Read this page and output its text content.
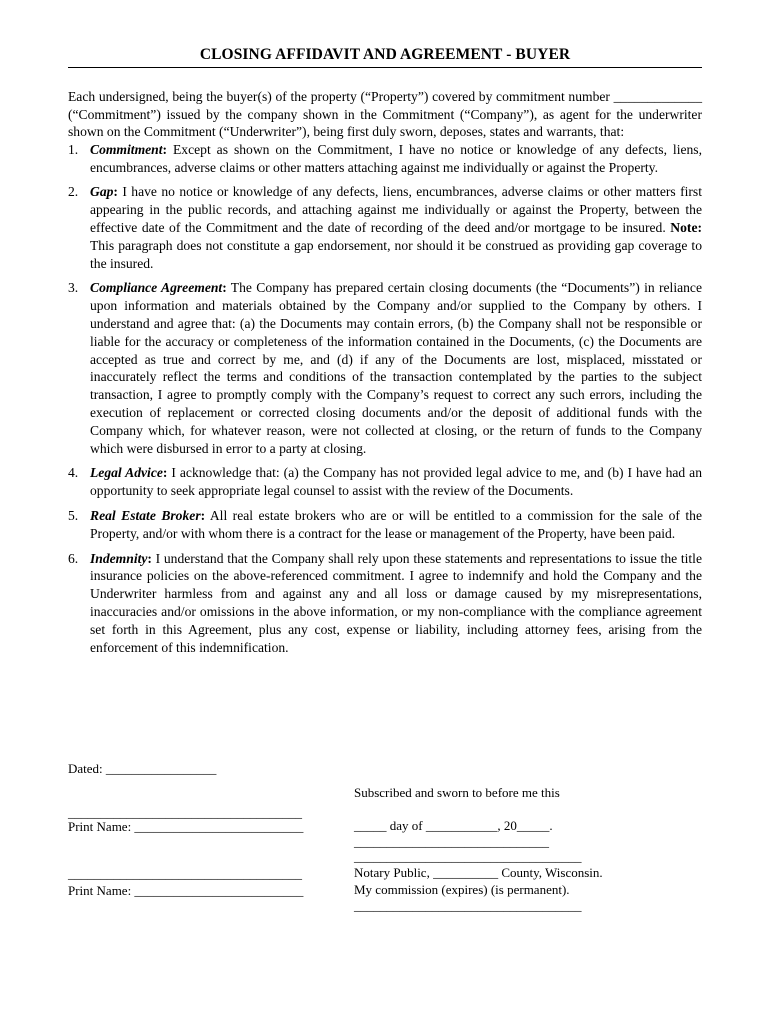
CLOSING AFFIDAVIT AND AGREEMENT - BUYER
Each undersigned, being the buyer(s) of the property (“Property”) covered by commitment number _____________ (“Commitment”) issued by the company shown in the Commitment (“Company”), as agent for the underwriter shown on the Commitment (“Underwriter”), being first duly sworn, deposes, states and warrants, that:
1. Commitment: Except as shown on the Commitment, I have no notice or knowledge of any defects, liens, encumbrances, adverse claims or other matters attaching against me individually or against the Property.
2. Gap: I have no notice or knowledge of any defects, liens, encumbrances, adverse claims or other matters first appearing in the public records, and attaching against me individually or against the Property, between the effective date of the Commitment and the date of recording of the deed and/or mortgage to be insured. Note: This paragraph does not constitute a gap endorsement, nor should it be construed as providing gap coverage to the insured.
3. Compliance Agreement: The Company has prepared certain closing documents (the “Documents”) in reliance upon information and materials obtained by the Company and/or supplied to the Company by others. I understand and agree that: (a) the Documents may contain errors, (b) the Company shall not be responsible or liable for the accuracy or completeness of the information contained in the Documents, (c) the Documents are accepted as true and correct by me, and (d) if any of the Documents are lost, misplaced, misstated or inaccurately reflect the terms and conditions of the transaction contemplated by the parties to the subject transaction, I agree to promptly comply with the Company’s request to correct any such errors, including the execution of replacement or corrected closing documents and/or the deposit of additional funds with the Company which, for whatever reason, were not collected at closing, or the return of funds to the Company which were disbursed in error to a party at closing.
4. Legal Advice: I acknowledge that: (a) the Company has not provided legal advice to me, and (b) I have had an opportunity to seek appropriate legal counsel to assist with the review of the Documents.
5. Real Estate Broker: All real estate brokers who are or will be entitled to a commission for the sale of the Property, and/or with whom there is a contract for the lease or management of the Property, have been paid.
6. Indemnity: I understand that the Company shall rely upon these statements and representations to issue the title insurance policies on the above-referenced commitment. I agree to indemnify and hold the Company and the Underwriter harmless from and against any and all loss or damage caused by my misrepresentations, inaccuracies and/or omissions in the above information, or my non-compliance with the compliance agreement set forth in this Agreement, plus any cost, expense or liability, including attorney fees, arising from the enforcement of this indemnification.
Dated: _________________
____________________________________
Print Name: __________________________
____________________________________
Print Name: __________________________
Subscribed and sworn to before me this
_____ day of ___________, 20_____.
______________________________
___________________________________
Notary Public, __________ County, Wisconsin.
My commission (expires) (is permanent).
___________________________________
